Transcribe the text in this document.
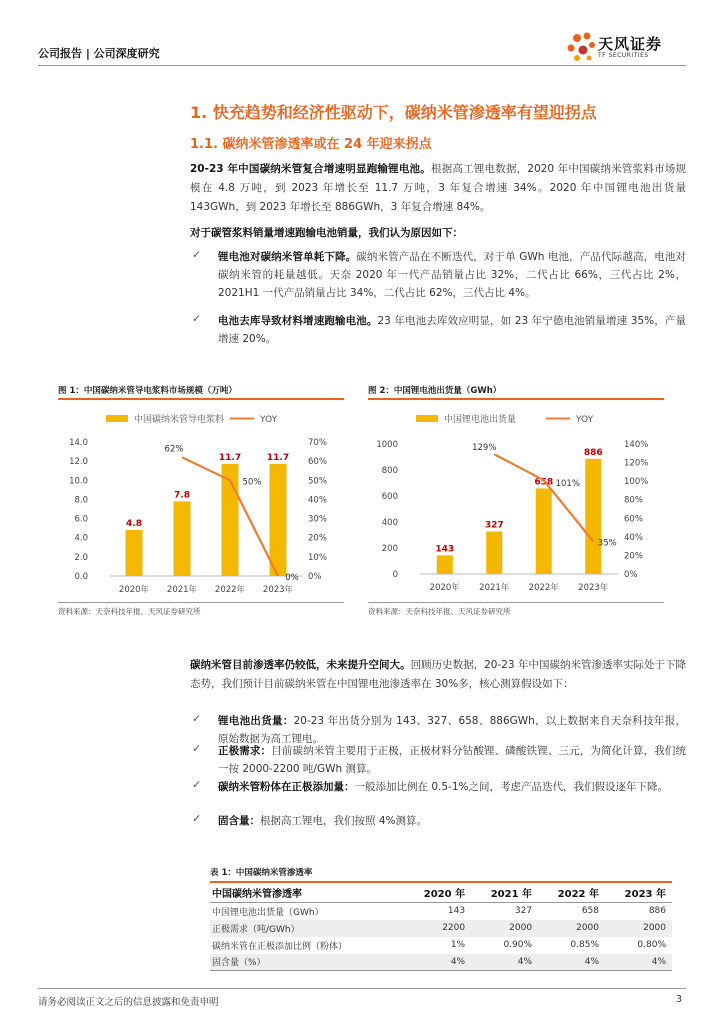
公司报告 | 公司深度研究
天风证券
TF SECURITIES
1. 快充趋势和经济性驱动下，碳纳米管渗透率有望迎拐点
1.1. 碳纳米管渗透率或在 24 年迎来拐点
20-23 年中国碳纳米管复合增速明显跑输锂电池。根据高工锂电数据，2020 年中国碳纳米管浆料市场规模在 4.8 万吨，到 2023 年增长至 11.7 万吨，3 年复合增速 34%。2020 年中国锂电池出货量 143GWh，到 2023 年增长至 886GWh，3 年复合增速 84%。
对于碳管浆料销量增速跑输电池销量，我们认为原因如下：
✓ 锂电池对碳纳米管单耗下降。碳纳米管产品在不断迭代，对于单 GWh 电池，产品代际越高，电池对碳纳米管的耗量越低。天奈 2020 年一代产品销量占比 32%，二代占比 66%，三代占比 2%，2021H1 一代产品销量占比 34%，二代占比 62%，三代占比 4%。
✓ 电池去库导致材料增速跑输电池。23 年电池去库效应明显，如 23 年宁德电池销量增速 35%，产量增速 20%。
图 1：中国碳纳米管导电浆料市场规模（万吨）
中国碳纳米管导电浆料	YOY
0.0
2.0
4.0
6.0
8.0
10.0
12.0
14.0
0%
10%
20%
30%
40%
50%
60%
70%
4.8
7.8
11.7	11.7
2020年 2021年 2022年 2023年
62%
50%
0%
资料来源：天奈科技年报、天风证券研究所
图 2：中国锂电池出货量（GWh）
中国锂电池出货量	YOY
0
200
400
600
800
1000
0%
20%
40%
60%
80%
100%
120%
140%
143
327
658
886
2020年 2021年 2022年 2023年
129%
101%
35%
资料来源：天奈科技年报、天风证券研究所
碳纳米管目前渗透率仍较低，未来提升空间大。回顾历史数据，20-23 年中国碳纳米管渗透率实际处于下降态势，我们预计目前碳纳米管在中国锂电池渗透率在 30%多，核心测算假设如下：
✓ 锂电池出货量：20-23 年出货分别为 143、327、658、886GWh，以上数据来自天奈科技年报，原始数据为高工锂电。
✓ 正极需求：目前碳纳米管主要用于正极，正极材料分钴酸锂、磷酸铁锂、三元，为简化计算，我们统一按 2000-2200 吨/GWh 测算。
✓ 碳纳米管粉体在正极添加量：一般添加比例在 0.5-1%之间，考虑产品迭代，我们假设逐年下降。
✓ 固含量：根据高工锂电，我们按照 4%测算。
表 1：中国碳纳米管渗透率
中国碳纳米管渗透率	2020 年	2021 年	2022 年	2023 年
中国锂电池出货量（GWh）	143	327	658	886
正极需求（吨/GWh）	2200	2000	2000	2000
碳纳米管在正极添加比例（粉体）	1%	0.90%	0.85%	0.80%
固含量（%）	4%	4%	4%	4%
请务必阅读正文之后的信息披露和免责申明	3
